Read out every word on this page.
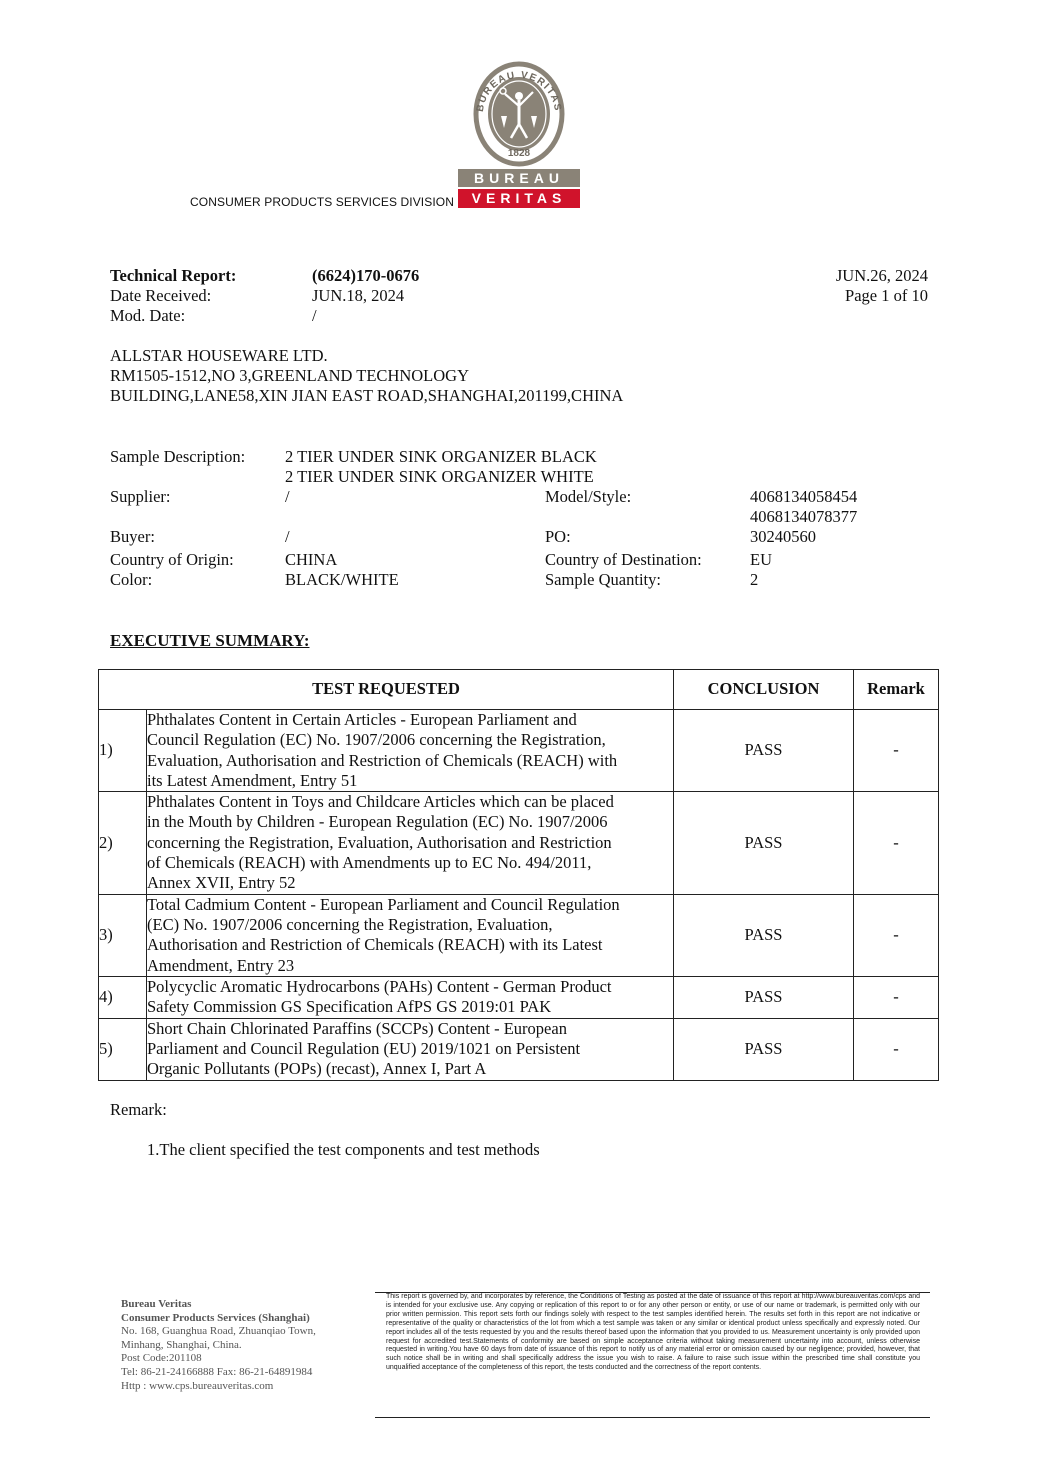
BUREAU VERITAS
1828
BUREAU
VERITAS
CONSUMER PRODUCTS SERVICES DIVISION
Technical Report:	(6624)170-0676	JUN.26, 2024
Date Received:	JUN.18, 2024	Page 1 of 10
Mod. Date:	/
ALLSTAR HOUSEWARE LTD.
RM1505-1512,NO 3,GREENLAND TECHNOLOGY
BUILDING,LANE58,XIN JIAN EAST ROAD,SHANGHAI,201199,CHINA
Sample Description: 2 TIER UNDER SINK ORGANIZER BLACK
2 TIER UNDER SINK ORGANIZER WHITE
Supplier:	/	Model/Style:	4068134058454
4068134078377
Buyer:	/	PO:	30240560
Country of Origin:	CHINA	Country of Destination:	EU
Color:	BLACK/WHITE	Sample Quantity:	2
EXECUTIVE SUMMARY:
TEST REQUESTED		CONCLUSION	Remark
1)	Phthalates Content in Certain Articles - European Parliament and
Council Regulation (EC) No. 1907/2006 concerning the Registration,
Evaluation, Authorisation and Restriction of Chemicals (REACH) with
its Latest Amendment, Entry 51	PASS	-
2)	Phthalates Content in Toys and Childcare Articles which can be placed
in the Mouth by Children - European Regulation (EC) No. 1907/2006
concerning the Registration, Evaluation, Authorisation and Restriction
of Chemicals (REACH) with Amendments up to EC No. 494/2011,
Annex XVII, Entry 52	PASS	-
3)	Total Cadmium Content - European Parliament and Council Regulation
(EC) No. 1907/2006 concerning the Registration, Evaluation,
Authorisation and Restriction of Chemicals (REACH) with its Latest
Amendment, Entry 23	PASS	-
4)	Polycyclic Aromatic Hydrocarbons (PAHs) Content - German Product
Safety Commission GS Specification AfPS GS 2019:01 PAK	PASS	-
5)	Short Chain Chlorinated Paraffins (SCCPs) Content - European
Parliament and Council Regulation (EU) 2019/1021 on Persistent
Organic Pollutants (POPs) (recast), Annex I, Part A	PASS	-
Remark:
1.The client specified the test components and test methods
Bureau Veritas
Consumer Products Services (Shanghai)
No. 168, Guanghua Road, Zhuanqiao Town,
Minhang, Shanghai, China.
Post Code:201108
Tel: 86-21-24166888 Fax: 86-21-64891984
Http : www.cps.bureauveritas.com
This report is governed by, and incorporates by reference, the Conditions of Testing as posted at the date of issuance of this report at http://www.bureauveritas.com/cps and is intended for your exclusive use. Any copying or replication of this report to or for any other person or entity, or use of our name or trademark, is permitted only with our prior written permission. This report sets forth our findings solely with respect to the test samples identified herein. The results set forth in this report are not indicative or representative of the quality or characteristics of the lot from which a test sample was taken or any similar or identical product unless specifically and expressly noted. Our report includes all of the tests requested by you and the results thereof based upon the information that you provided to us. Measurement uncertainty is only provided upon request for accredited test.Statements of conformity are based on simple acceptance criteria without taking measurement uncertainty into account, unless otherwise requested in writing.You have 60 days from date of issuance of this report to notify us of any material error or omission caused by our negligence; provided, however, that such notice shall be in writing and shall specifically address the issue you wish to raise. A failure to raise such issue within the prescribed time shall constitute you unqualified acceptance of the completeness of this report, the tests conducted and the correctness of the report contents.
